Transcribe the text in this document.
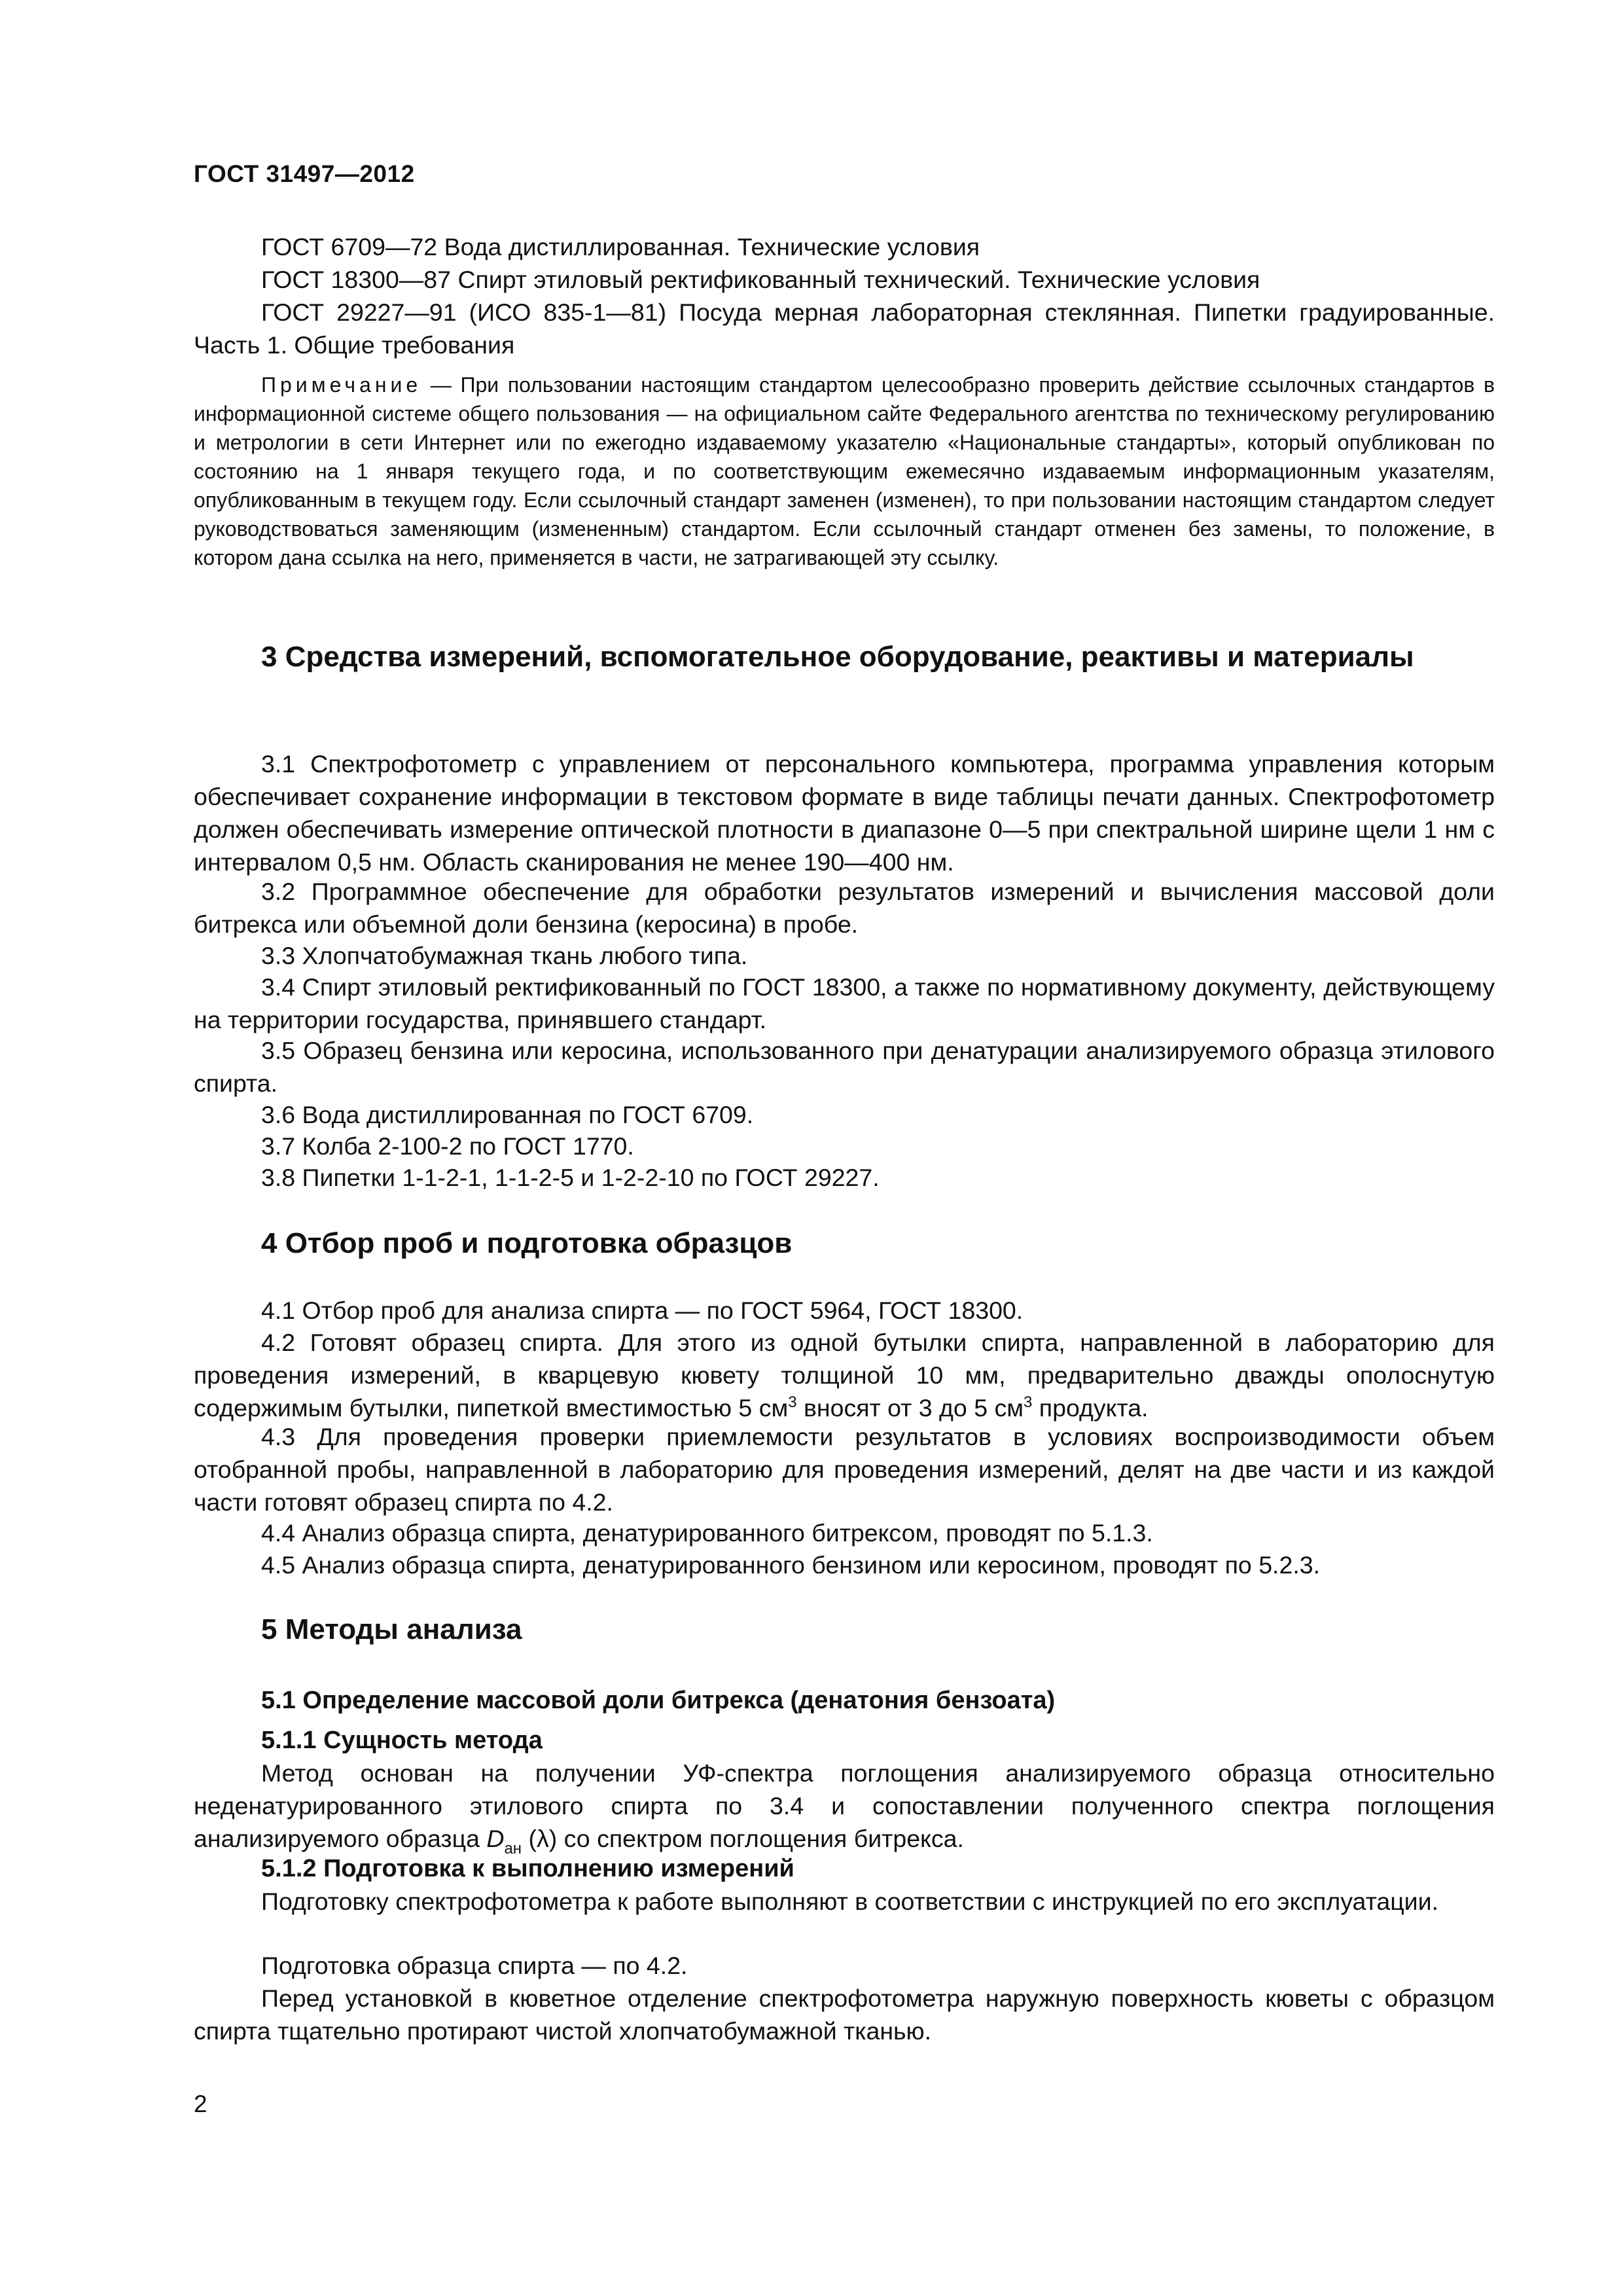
ГОСТ 31497—2012

ГОСТ 6709—72 Вода дистиллированная. Технические условия

ГОСТ 18300—87 Спирт этиловый ректификованный технический. Технические условия

ГОСТ 29227—91 (ИСО 835-1—81) Посуда мерная лабораторная стеклянная. Пипетки градуированные. Часть 1. Общие требования

Примечание — При пользовании настоящим стандартом целесообразно проверить действие ссылочных стандартов в информационной системе общего пользования — на официальном сайте Федерального агентства по техническому регулированию и метрологии в сети Интернет или по ежегодно издаваемому указателю «Национальные стандарты», который опубликован по состоянию на 1 января текущего года, и по соответствующим ежемесячно издаваемым информационным указателям, опубликованным в текущем году. Если ссылочный стандарт заменен (изменен), то при пользовании настоящим стандартом следует руководствоваться заменяющим (измененным) стандартом. Если ссылочный стандарт отменен без замены, то положение, в котором дана ссылка на него, применяется в части, не затрагивающей эту ссылку.

3 Средства измерений, вспомогательное оборудование, реактивы и материалы

3.1 Спектрофотометр с управлением от персонального компьютера, программа управления которым обеспечивает сохранение информации в текстовом формате в виде таблицы печати данных. Спектрофотометр должен обеспечивать измерение оптической плотности в диапазоне 0—5 при спектральной ширине щели 1 нм с интервалом 0,5 нм. Область сканирования не менее 190—400 нм.

3.2 Программное обеспечение для обработки результатов измерений и вычисления массовой доли битрекса или объемной доли бензина (керосина) в пробе.

3.3 Хлопчатобумажная ткань любого типа.

3.4 Спирт этиловый ректификованный по ГОСТ 18300, а также по нормативному документу, действующему на территории государства, принявшего стандарт.

3.5 Образец бензина или керосина, использованного при денатурации анализируемого образца этилового спирта.

3.6 Вода дистиллированная по ГОСТ 6709.

3.7 Колба 2-100-2 по ГОСТ 1770.

3.8 Пипетки 1-1-2-1, 1-1-2-5 и 1-2-2-10 по ГОСТ 29227.

4 Отбор проб и подготовка образцов

4.1 Отбор проб для анализа спирта — по ГОСТ 5964, ГОСТ 18300.

4.2 Готовят образец спирта. Для этого из одной бутылки спирта, направленной в лабораторию для проведения измерений, в кварцевую кювету толщиной 10 мм, предварительно дважды ополоснутую содержимым бутылки, пипеткой вместимостью 5 $см^3$ вносят от 3 до 5 $см^3$ продукта.

4.3 Для проведения проверки приемлемости результатов в условиях воспроизводимости объем отобранной пробы, направленной в лабораторию для проведения измерений, делят на две части и из каждой части готовят образец спирта по 4.2.

4.4 Анализ образца спирта, денатурированного битрексом, проводят по 5.1.3.

4.5 Анализ образца спирта, денатурированного бензином или керосином, проводят по 5.2.3.

5 Методы анализа
5.1 Определение массовой доли битрекса (денатония бензоата)
5.1.1 Сущность метода

Метод основан на получении УФ-спектра поглощения анализируемого образца относительно неденатурированного этилового спирта по 3.4 и сопоставлении полученного спектра поглощения анализируемого образца $D_{ан}$ (λ) со спектром поглощения битрекса.

5.1.2 Подготовка к выполнению измерений

Подготовку спектрофотометра к работе выполняют в соответствии с инструкцией по его эксплуатации.

Подготовка образца спирта — по 4.2.

Перед установкой в кюветное отделение спектрофотометра наружную поверхность кюветы с образцом спирта тщательно протирают чистой хлопчатобумажной тканью.

2
